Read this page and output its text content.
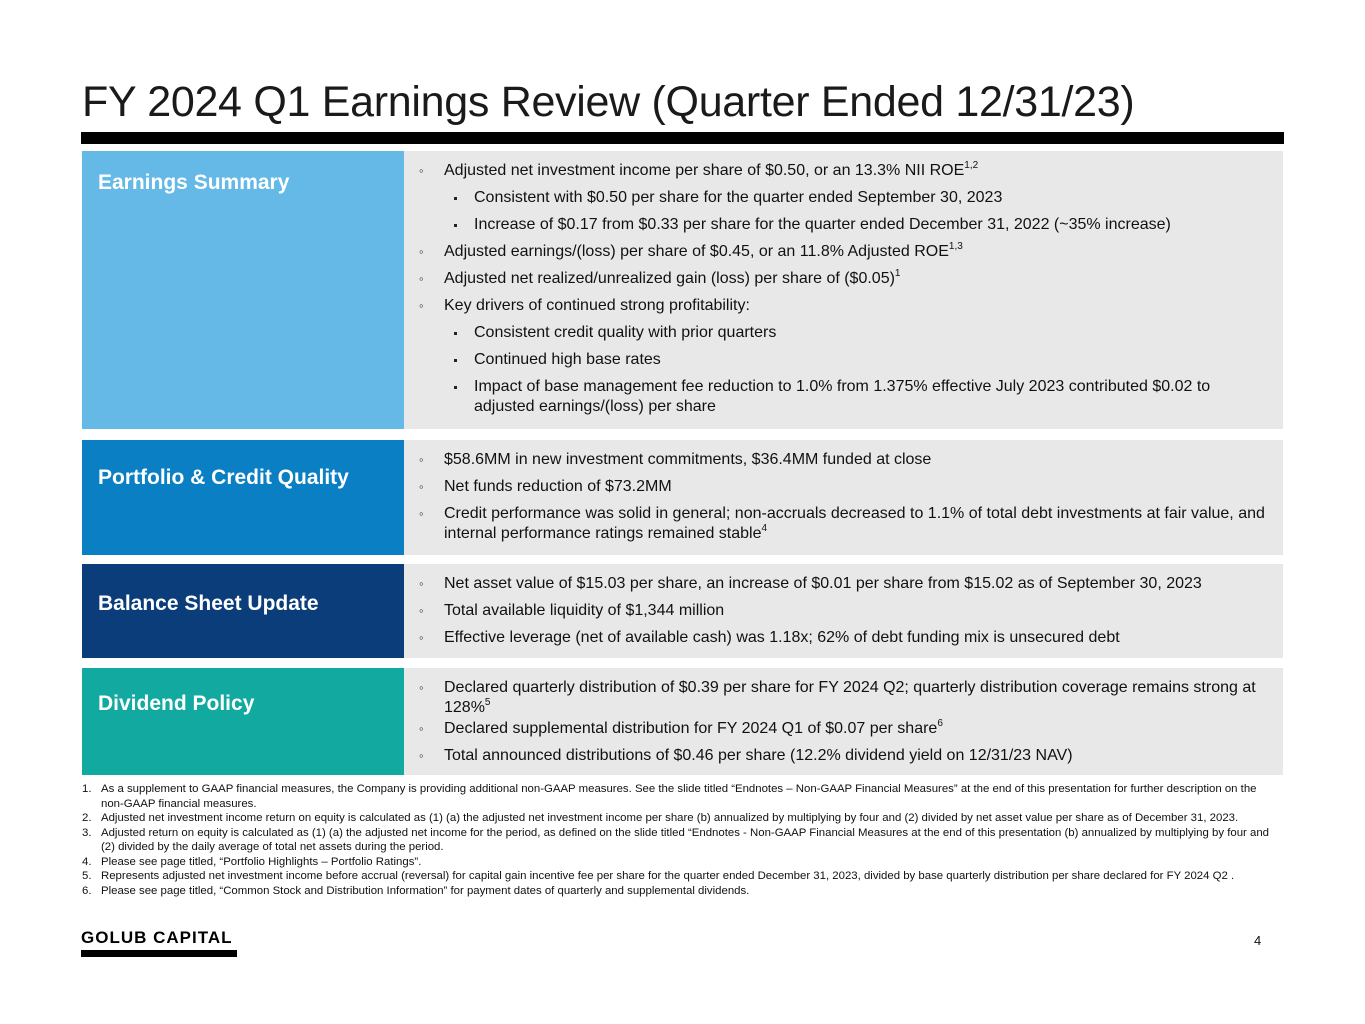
FY 2024 Q1 Earnings Review (Quarter Ended 12/31/23)
Earnings Summary
◦ Adjusted net investment income per share of $0.50, or an 13.3% NII ROE$^{1,2}$
Consistent with $0.50 per share for the quarter ended September 30, 2023
Increase of $0.17 from $0.33 per share for the quarter ended December 31, 2022 (~35% increase)
◦ Adjusted earnings/(loss) per share of $0.45, or an 11.8% Adjusted ROE$^{1,3}$
◦ Adjusted net realized/unrealized gain (loss) per share of ($0.05)$^1$
◦ Key drivers of continued strong profitability:
Consistent credit quality with prior quarters
Continued high base rates
Impact of base management fee reduction to 1.0% from 1.375% effective July 2023 contributed $0.02 to adjusted earnings/(loss) per share
Portfolio & Credit Quality
◦ $58.6MM in new investment commitments, $36.4MM funded at close
◦ Net funds reduction of $73.2MM
◦ Credit performance was solid in general; non-accruals decreased to 1.1% of total debt investments at fair value, and internal performance ratings remained stable$^4$
Balance Sheet Update
◦ Net asset value of $15.03 per share, an increase of $0.01 per share from $15.02 as of September 30, 2023
◦ Total available liquidity of $1,344 million
◦ Effective leverage (net of available cash) was 1.18x; 62% of debt funding mix is unsecured debt
Dividend Policy
◦ Declared quarterly distribution of $0.39 per share for FY 2024 Q2; quarterly distribution coverage remains strong at 128%$^5$
◦ Declared supplemental distribution for FY 2024 Q1 of $0.07 per share$^6$
◦ Total announced distributions of $0.46 per share (12.2% dividend yield on 12/31/23 NAV)
1. As a supplement to GAAP financial measures, the Company is providing additional non-GAAP measures. See the slide titled “Endnotes – Non-GAAP Financial Measures” at the end of this presentation for further description on the non-GAAP financial measures.
2. Adjusted net investment income return on equity is calculated as (1) (a) the adjusted net investment income per share (b) annualized by multiplying by four and (2) divided by net asset value per share as of December 31, 2023.
3. Adjusted return on equity is calculated as (1) (a) the adjusted net income for the period, as defined on the slide titled “Endnotes - Non-GAAP Financial Measures at the end of this presentation (b) annualized by multiplying by four and (2) divided by the daily average of total net assets during the period.
4. Please see page titled, “Portfolio Highlights – Portfolio Ratings”.
5. Represents adjusted net investment income before accrual (reversal) for capital gain incentive fee per share for the quarter ended December 31, 2023, divided by base quarterly distribution per share declared for FY 2024 Q2 .
6. Please see page titled, “Common Stock and Distribution Information” for payment dates of quarterly and supplemental dividends.
GOLUB CAPITAL	4
